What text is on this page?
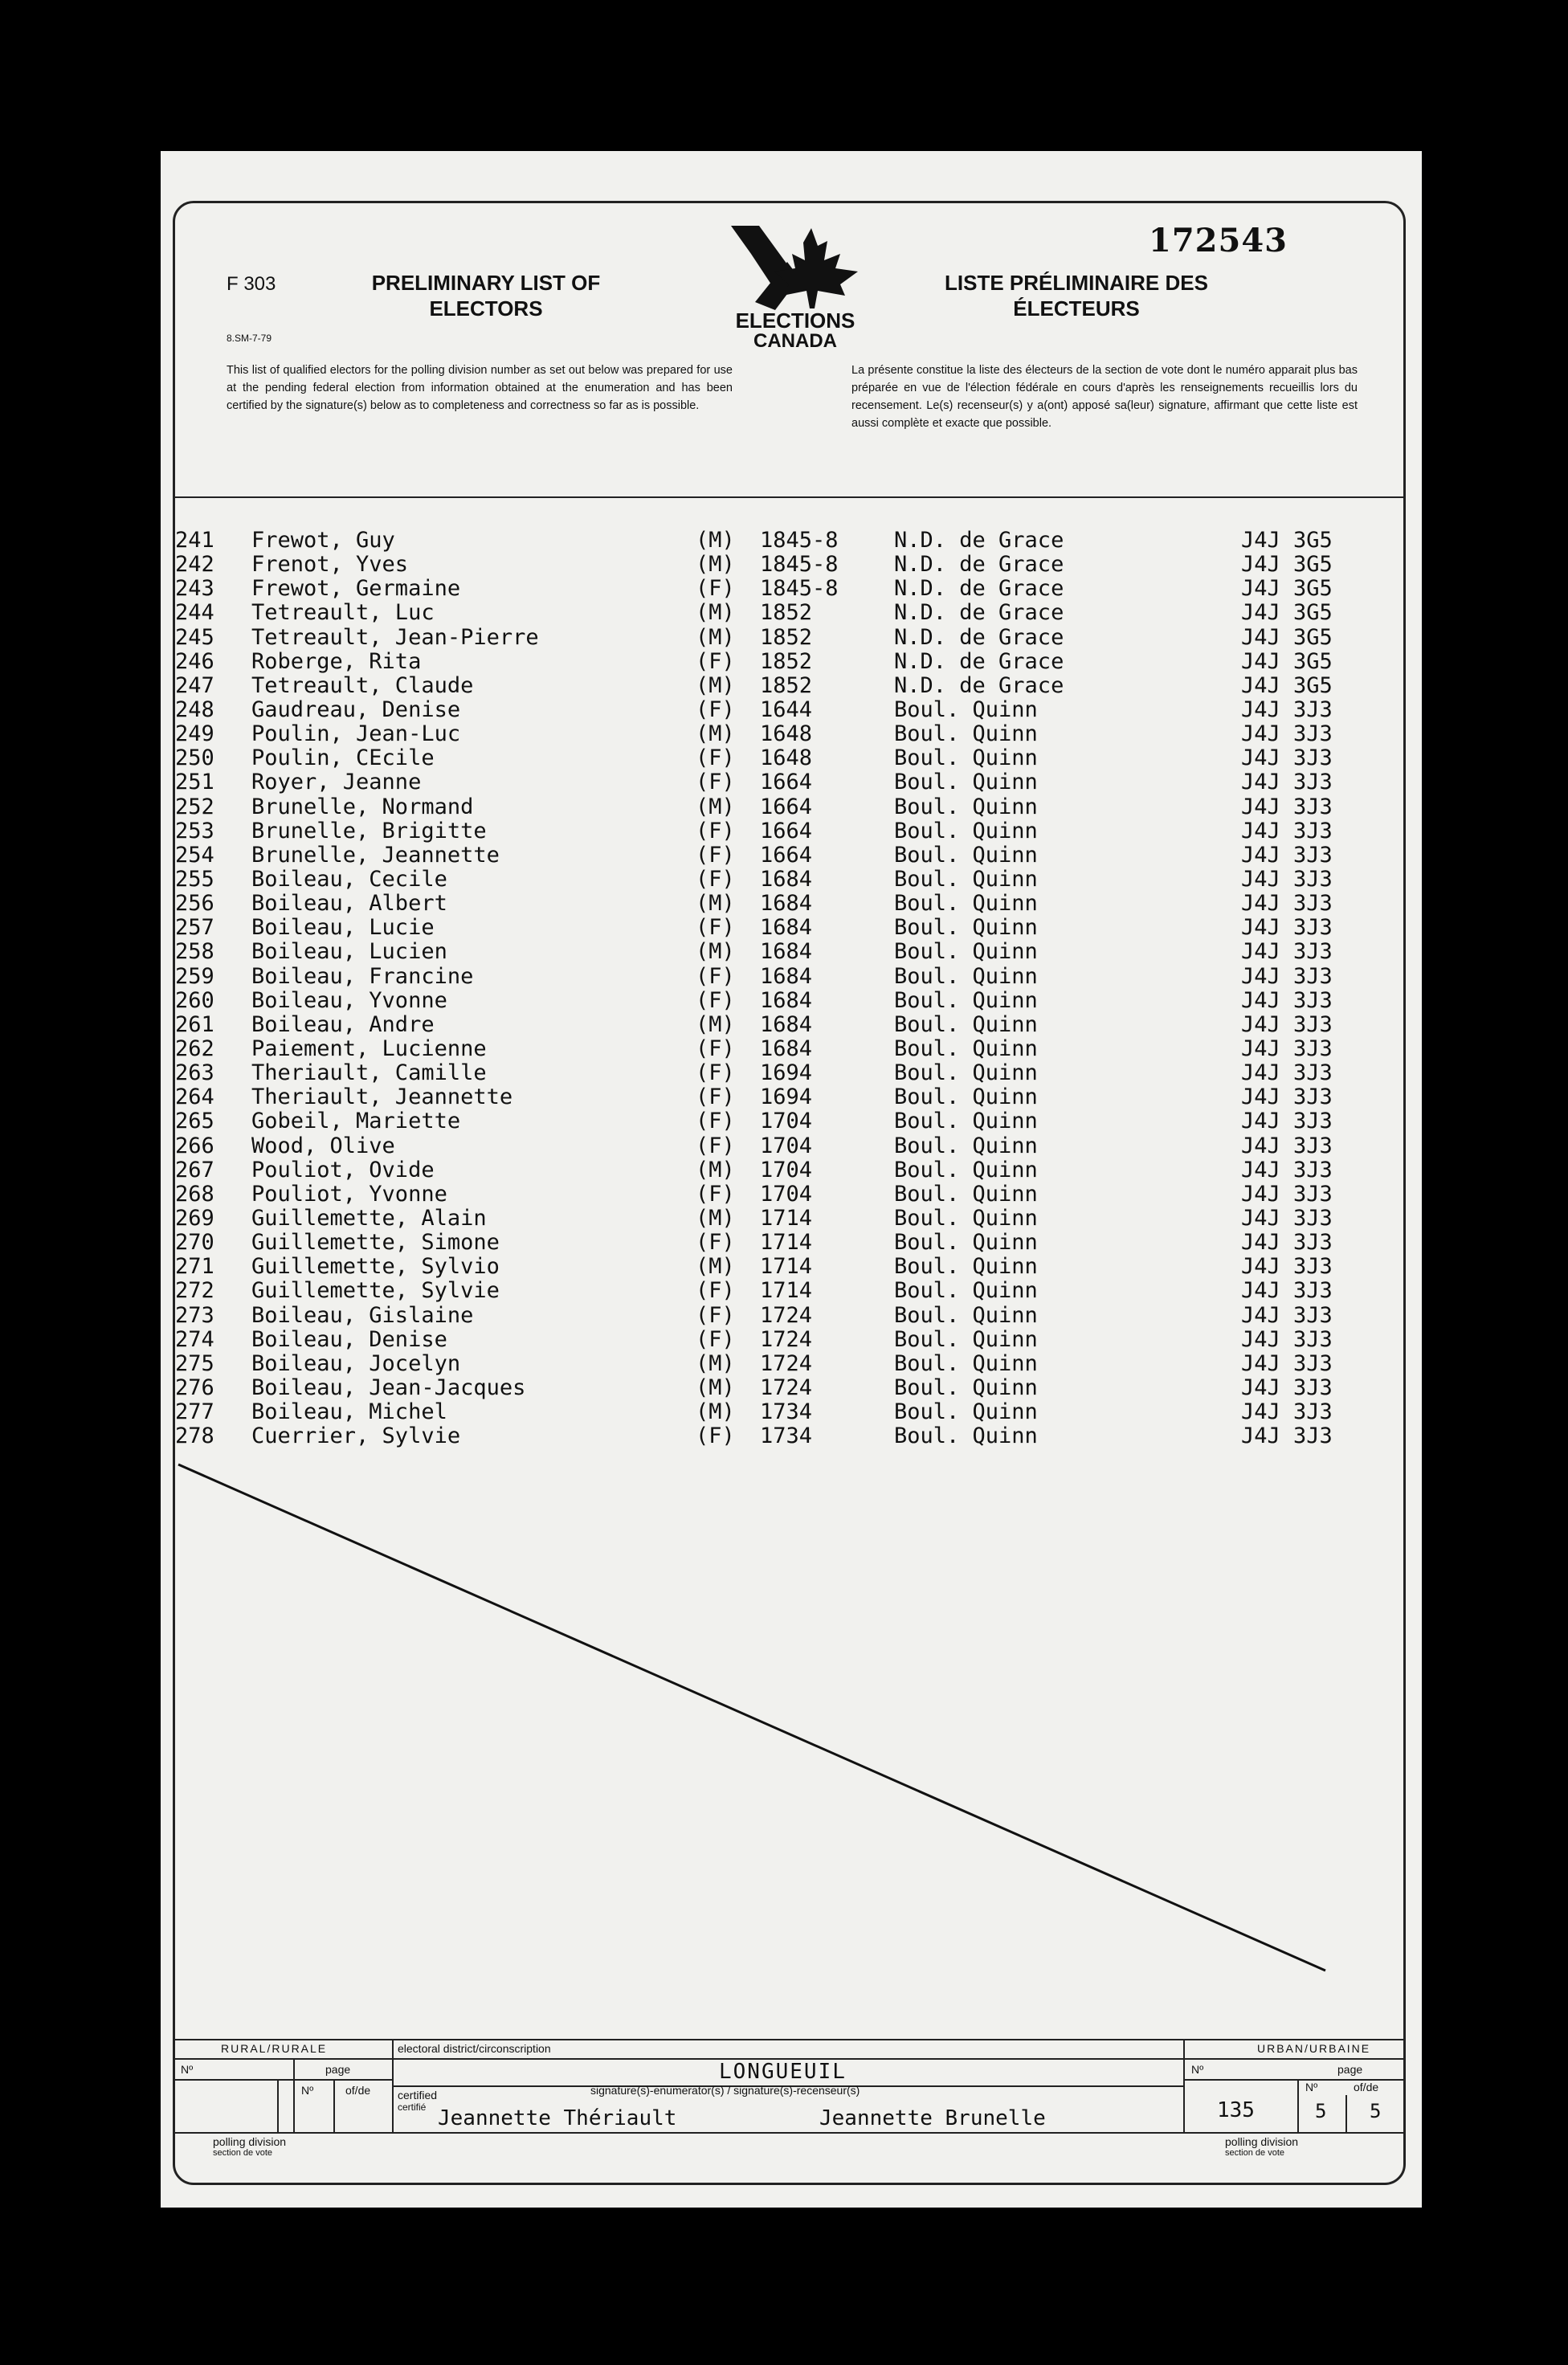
172543
F 303
8.SM-7-79
PRELIMINARY LIST OF ELECTORS
LISTE PRÉLIMINAIRE DES ÉLECTEURS
ELECTIONS
CANADA
This list of qualified electors for the polling division number as set out below was prepared for use at the pending federal election from information obtained at the enumeration and has been certified by the signature(s) below as to completeness and correctness so far as is possible.
La présente constitue la liste des électeurs de la section de vote dont le numéro apparait plus bas préparée en vue de l'élection fédérale en cours d'après les renseignements recueillis lors du recensement. Le(s) recenseur(s) y a(ont) apposé sa(leur) signature, affirmant que cette liste est aussi complète et exacte que possible.
241 Frewot, Guy	(M) 1845-8	N.D. de Grace	J4J 3G5
242 Frenot, Yves	(M) 1845-8	N.D. de Grace	J4J 3G5
243 Frewot, Germaine	(F) 1845-8	N.D. de Grace	J4J 3G5
244 Tetreault, Luc	(M) 1852	N.D. de Grace	J4J 3G5
245 Tetreault, Jean-Pierre	(M) 1852	N.D. de Grace	J4J 3G5
246 Roberge, Rita	(F) 1852	N.D. de Grace	J4J 3G5
247 Tetreault, Claude	(M) 1852	N.D. de Grace	J4J 3G5
248 Gaudreau, Denise	(F) 1644	Boul. Quinn	J4J 3J3
249 Poulin, Jean-Luc	(M) 1648	Boul. Quinn	J4J 3J3
250 Poulin, CEcile	(F) 1648	Boul. Quinn	J4J 3J3
251 Royer, Jeanne	(F) 1664	Boul. Quinn	J4J 3J3
252 Brunelle, Normand	(M) 1664	Boul. Quinn	J4J 3J3
253 Brunelle, Brigitte	(F) 1664	Boul. Quinn	J4J 3J3
254 Brunelle, Jeannette	(F) 1664	Boul. Quinn	J4J 3J3
255 Boileau, Cecile	(F) 1684	Boul. Quinn	J4J 3J3
256 Boileau, Albert	(M) 1684	Boul. Quinn	J4J 3J3
257 Boileau, Lucie	(F) 1684	Boul. Quinn	J4J 3J3
258 Boileau, Lucien	(M) 1684	Boul. Quinn	J4J 3J3
259 Boileau, Francine	(F) 1684	Boul. Quinn	J4J 3J3
260 Boileau, Yvonne	(F) 1684	Boul. Quinn	J4J 3J3
261 Boileau, Andre	(M) 1684	Boul. Quinn	J4J 3J3
262 Paiement, Lucienne	(F) 1684	Boul. Quinn	J4J 3J3
263 Theriault, Camille	(F) 1694	Boul. Quinn	J4J 3J3
264 Theriault, Jeannette	(F) 1694	Boul. Quinn	J4J 3J3
265 Gobeil, Mariette	(F) 1704	Boul. Quinn	J4J 3J3
266 Wood, Olive	(F) 1704	Boul. Quinn	J4J 3J3
267 Pouliot, Ovide	(M) 1704	Boul. Quinn	J4J 3J3
268 Pouliot, Yvonne	(F) 1704	Boul. Quinn	J4J 3J3
269 Guillemette, Alain	(M) 1714	Boul. Quinn	J4J 3J3
270 Guillemette, Simone	(F) 1714	Boul. Quinn	J4J 3J3
271 Guillemette, Sylvio	(M) 1714	Boul. Quinn	J4J 3J3
272 Guillemette, Sylvie	(F) 1714	Boul. Quinn	J4J 3J3
273 Boileau, Gislaine	(F) 1724	Boul. Quinn	J4J 3J3
274 Boileau, Denise	(F) 1724	Boul. Quinn	J4J 3J3
275 Boileau, Jocelyn	(M) 1724	Boul. Quinn	J4J 3J3
276 Boileau, Jean-Jacques	(M) 1724	Boul. Quinn	J4J 3J3
277 Boileau, Michel	(M) 1734	Boul. Quinn	J4J 3J3
278 Cuerrier, Sylvie	(F) 1734	Boul. Quinn	J4J 3J3
RURAL/RURALE
Nº	page
Nº	of/de
polling division
section de vote
electoral district/circonscription
LONGUEUIL
certified
certifié
signature(s)-enumerator(s) / signature(s)-recenseur(s)
Jeannette Thériault	Jeannette Brunelle
URBAN/URBAINE
Nº	page
135
Nº	of/de
5 5
polling division
section de vote
